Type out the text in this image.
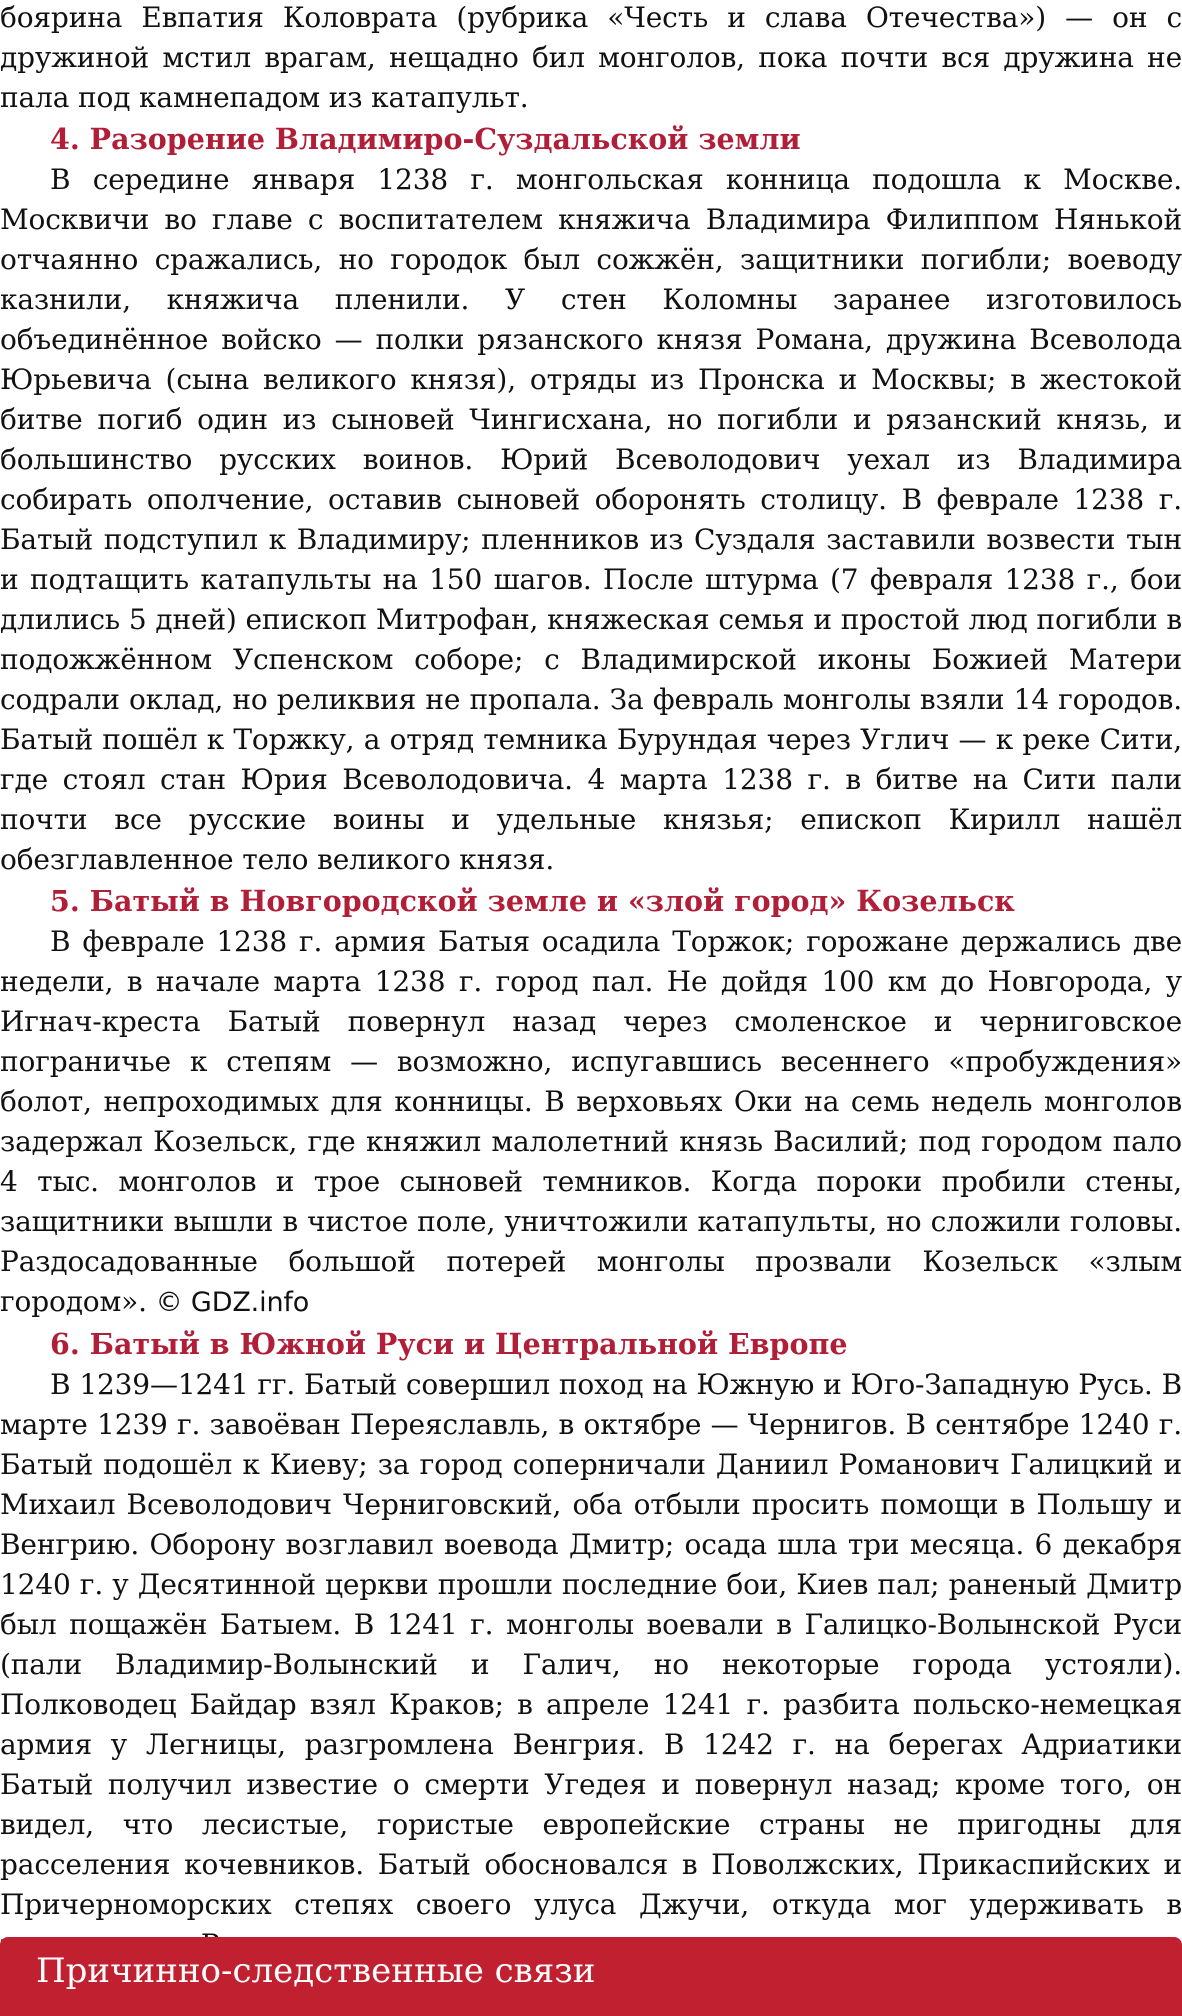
боярина Евпатия Коловрата (рубрика «Честь и слава Отечества») — он с дружиной мстил врагам, нещадно бил монголов, пока почти вся дружина не пала под камнепадом из катапульт.

4. Разорение Владимиро-Суздальской земли

В середине января 1238 г. монгольская конница подошла к Москве. Москвичи во главе с воспитателем княжича Владимира Филиппом Нянькой отчаянно сражались, но городок был сожжён, защитники погибли; воеводу казнили, княжича пленили. У стен Коломны заранее изготовилось объединённое войско — полки рязанского князя Романа, дружина Всеволода Юрьевича (сына великого князя), отряды из Пронска и Москвы; в жестокой битве погиб один из сыновей Чингисхана, но погибли и рязанский князь, и большинство русских воинов. Юрий Всеволодович уехал из Владимира собирать ополчение, оставив сыновей оборонять столицу. В феврале 1238 г. Батый подступил к Владимиру; пленников из Суздаля заставили возвести тын и подтащить катапульты на 150 шагов. После штурма (7 февраля 1238 г., бои длились 5 дней) епископ Митрофан, княжеская семья и простой люд погибли в подожжённом Успенском соборе; с Владимирской иконы Божией Матери содрали оклад, но реликвия не пропала. За февраль монголы взяли 14 городов. Батый пошёл к Торжку, а отряд темника Бурундая через Углич — к реке Сити, где стоял стан Юрия Всеволодовича. 4 марта 1238 г. в битве на Сити пали почти все русские воины и удельные князья; епископ Кирилл нашёл обезглавленное тело великого князя.

5. Батый в Новгородской земле и «злой город» Козельск

В феврале 1238 г. армия Батыя осадила Торжок; горожане держались две недели, в начале марта 1238 г. город пал. Не дойдя 100 км до Новгорода, у Игнач-креста Батый повернул назад через смоленское и черниговское пограничье к степям — возможно, испугавшись весеннего «пробуждения» болот, непроходимых для конницы. В верховьях Оки на семь недель монголов задержал Козельск, где княжил малолетний князь Василий; под городом пало 4 тыс. монголов и трое сыновей темников. Когда пороки пробили стены, защитники вышли в чистое поле, уничтожили катапульты, но сложили головы. Раздосадованные большой потерей монголы прозвали Козельск «злым городом». © GDZ.info

6. Батый в Южной Руси и Центральной Европе

В 1239—1241 гг. Батый совершил поход на Южную и Юго-Западную Русь. В марте 1239 г. завоёван Переяславль, в октябре — Чернигов. В сентябре 1240 г. Батый подошёл к Киеву; за город соперничали Даниил Романович Галицкий и Михаил Всеволодович Черниговский, оба отбыли просить помощи в Польшу и Венгрию. Оборону возглавил воевода Дмитр; осада шла три месяца. 6 декабря 1240 г. у Десятинной церкви прошли последние бои, Киев пал; раненый Дмитр был пощажён Батыем. В 1241 г. монголы воевали в Галицко-Волынской Руси (пали Владимир-Волынский и Галич, но некоторые города устояли). Полководец Байдар взял Краков; в апреле 1241 г. разбита польско-немецкая армия у Легницы, разгромлена Венгрия. В 1242 г. на берегах Адриатики Батый получил известие о смерти Угедея и повернул назад; кроме того, он видел, что лесистые, гористые европейские страны не пригодны для расселения кочевников. Батый обосновался в Поволжских, Прикаспийских и Причерноморских степях своего улуса Джучи, откуда мог удерживать в

Причинно-следственные связи
